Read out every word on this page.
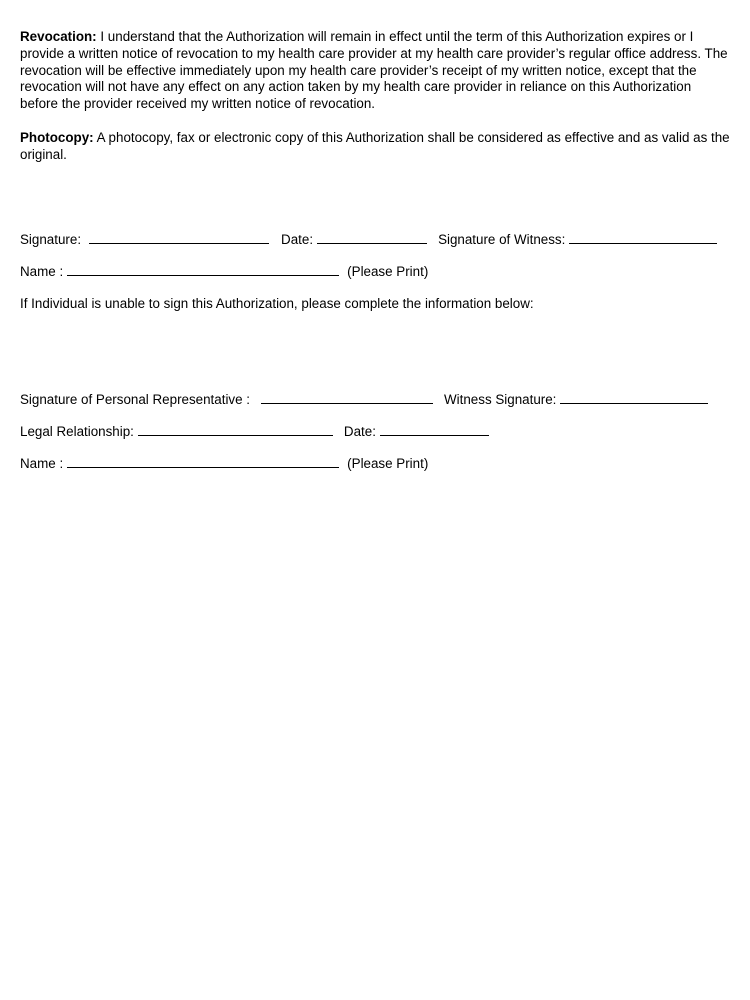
Revocation: I understand that the Authorization will remain in effect until the term of this Authorization expires or I provide a written notice of revocation to my health care provider at my health care provider’s regular office address. The revocation will be effective immediately upon my health care provider’s receipt of my written notice, except that the revocation will not have any effect on any action taken by my health care provider in reliance on this Authorization before the provider received my written notice of revocation.

Photocopy: A photocopy, fax or electronic copy of this Authorization shall be considered as effective and as valid as the original.

Signature:	Date:	Signature of Witness:
Name :	(Please Print)
If Individual is unable to sign this Authorization, please complete the information below:
Signature of Personal Representative :	Witness Signature:
Legal Relationship:	Date:
Name :	(Please Print)
